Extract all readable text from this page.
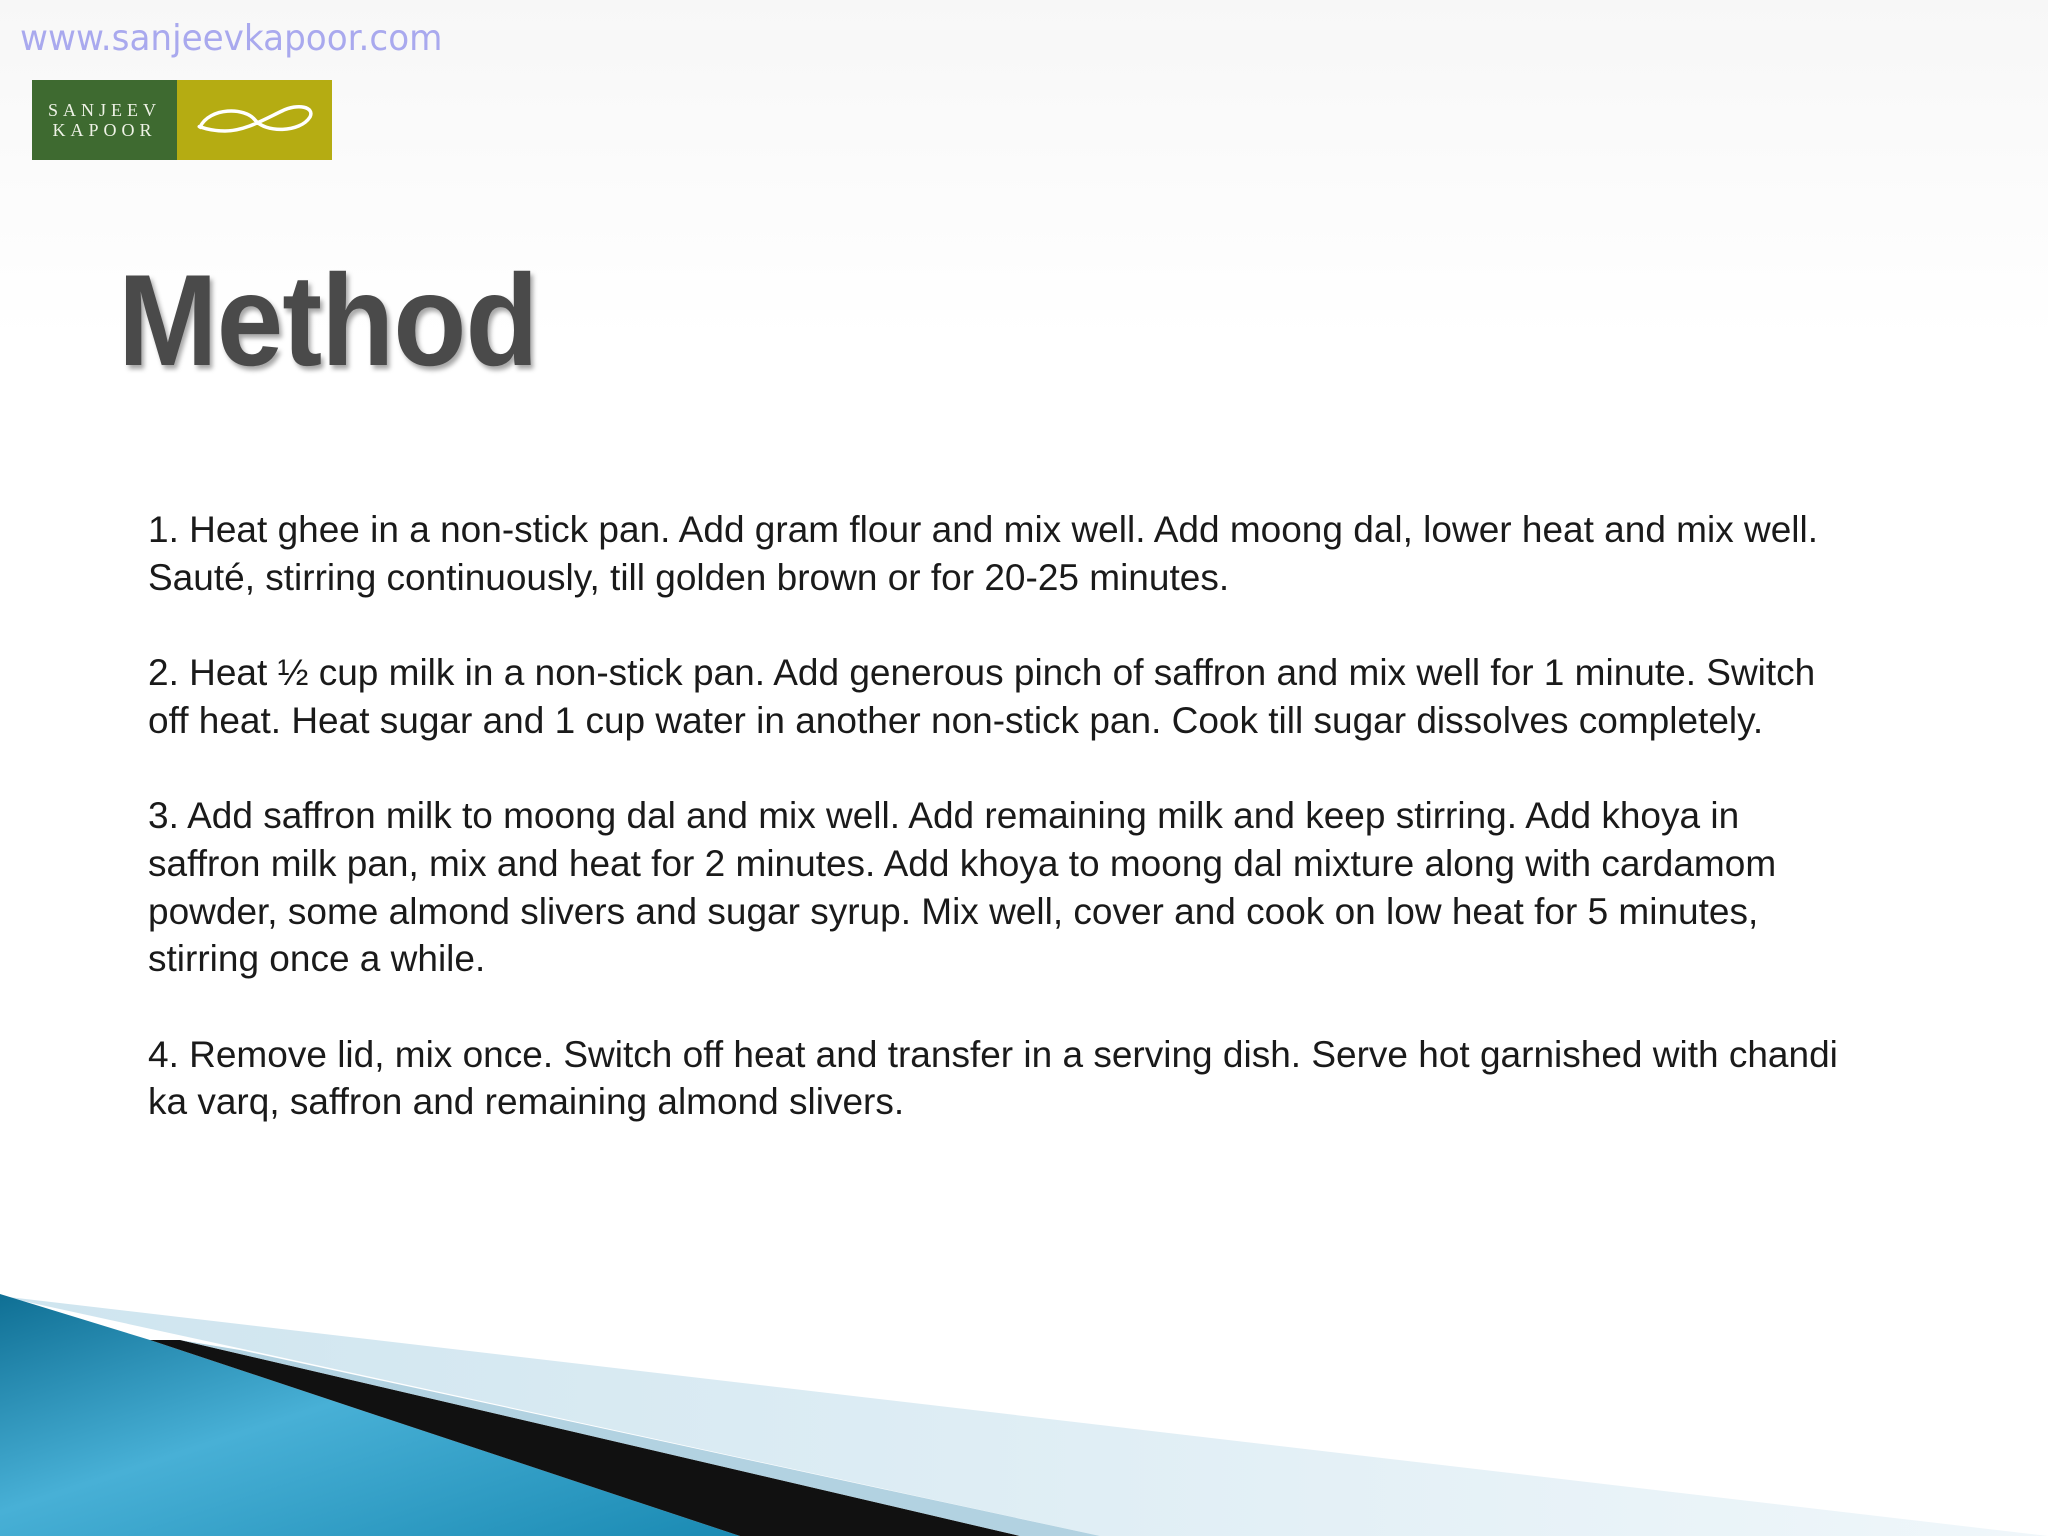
www.sanjeevkapoor.com
SANJEEV
KAPOOR
Method
1. Heat ghee in a non-stick pan. Add gram flour and mix well. Add moong dal, lower heat and mix well. Sauté, stirring continuously, till golden brown or for 20-25 minutes.
2. Heat ½ cup milk in a non-stick pan. Add generous pinch of saffron and mix well for 1 minute. Switch off heat. Heat sugar and 1 cup water in another non-stick pan. Cook till sugar dissolves completely.
3. Add saffron milk to moong dal and mix well. Add remaining milk and keep stirring. Add khoya in saffron milk pan, mix and heat for 2 minutes. Add khoya to moong dal mixture along with cardamom powder, some almond slivers and sugar syrup. Mix well, cover and cook on low heat for 5 minutes, stirring once a while.
4. Remove lid, mix once. Switch off heat and transfer in a serving dish. Serve hot garnished with chandi ka varq, saffron and remaining almond slivers.
